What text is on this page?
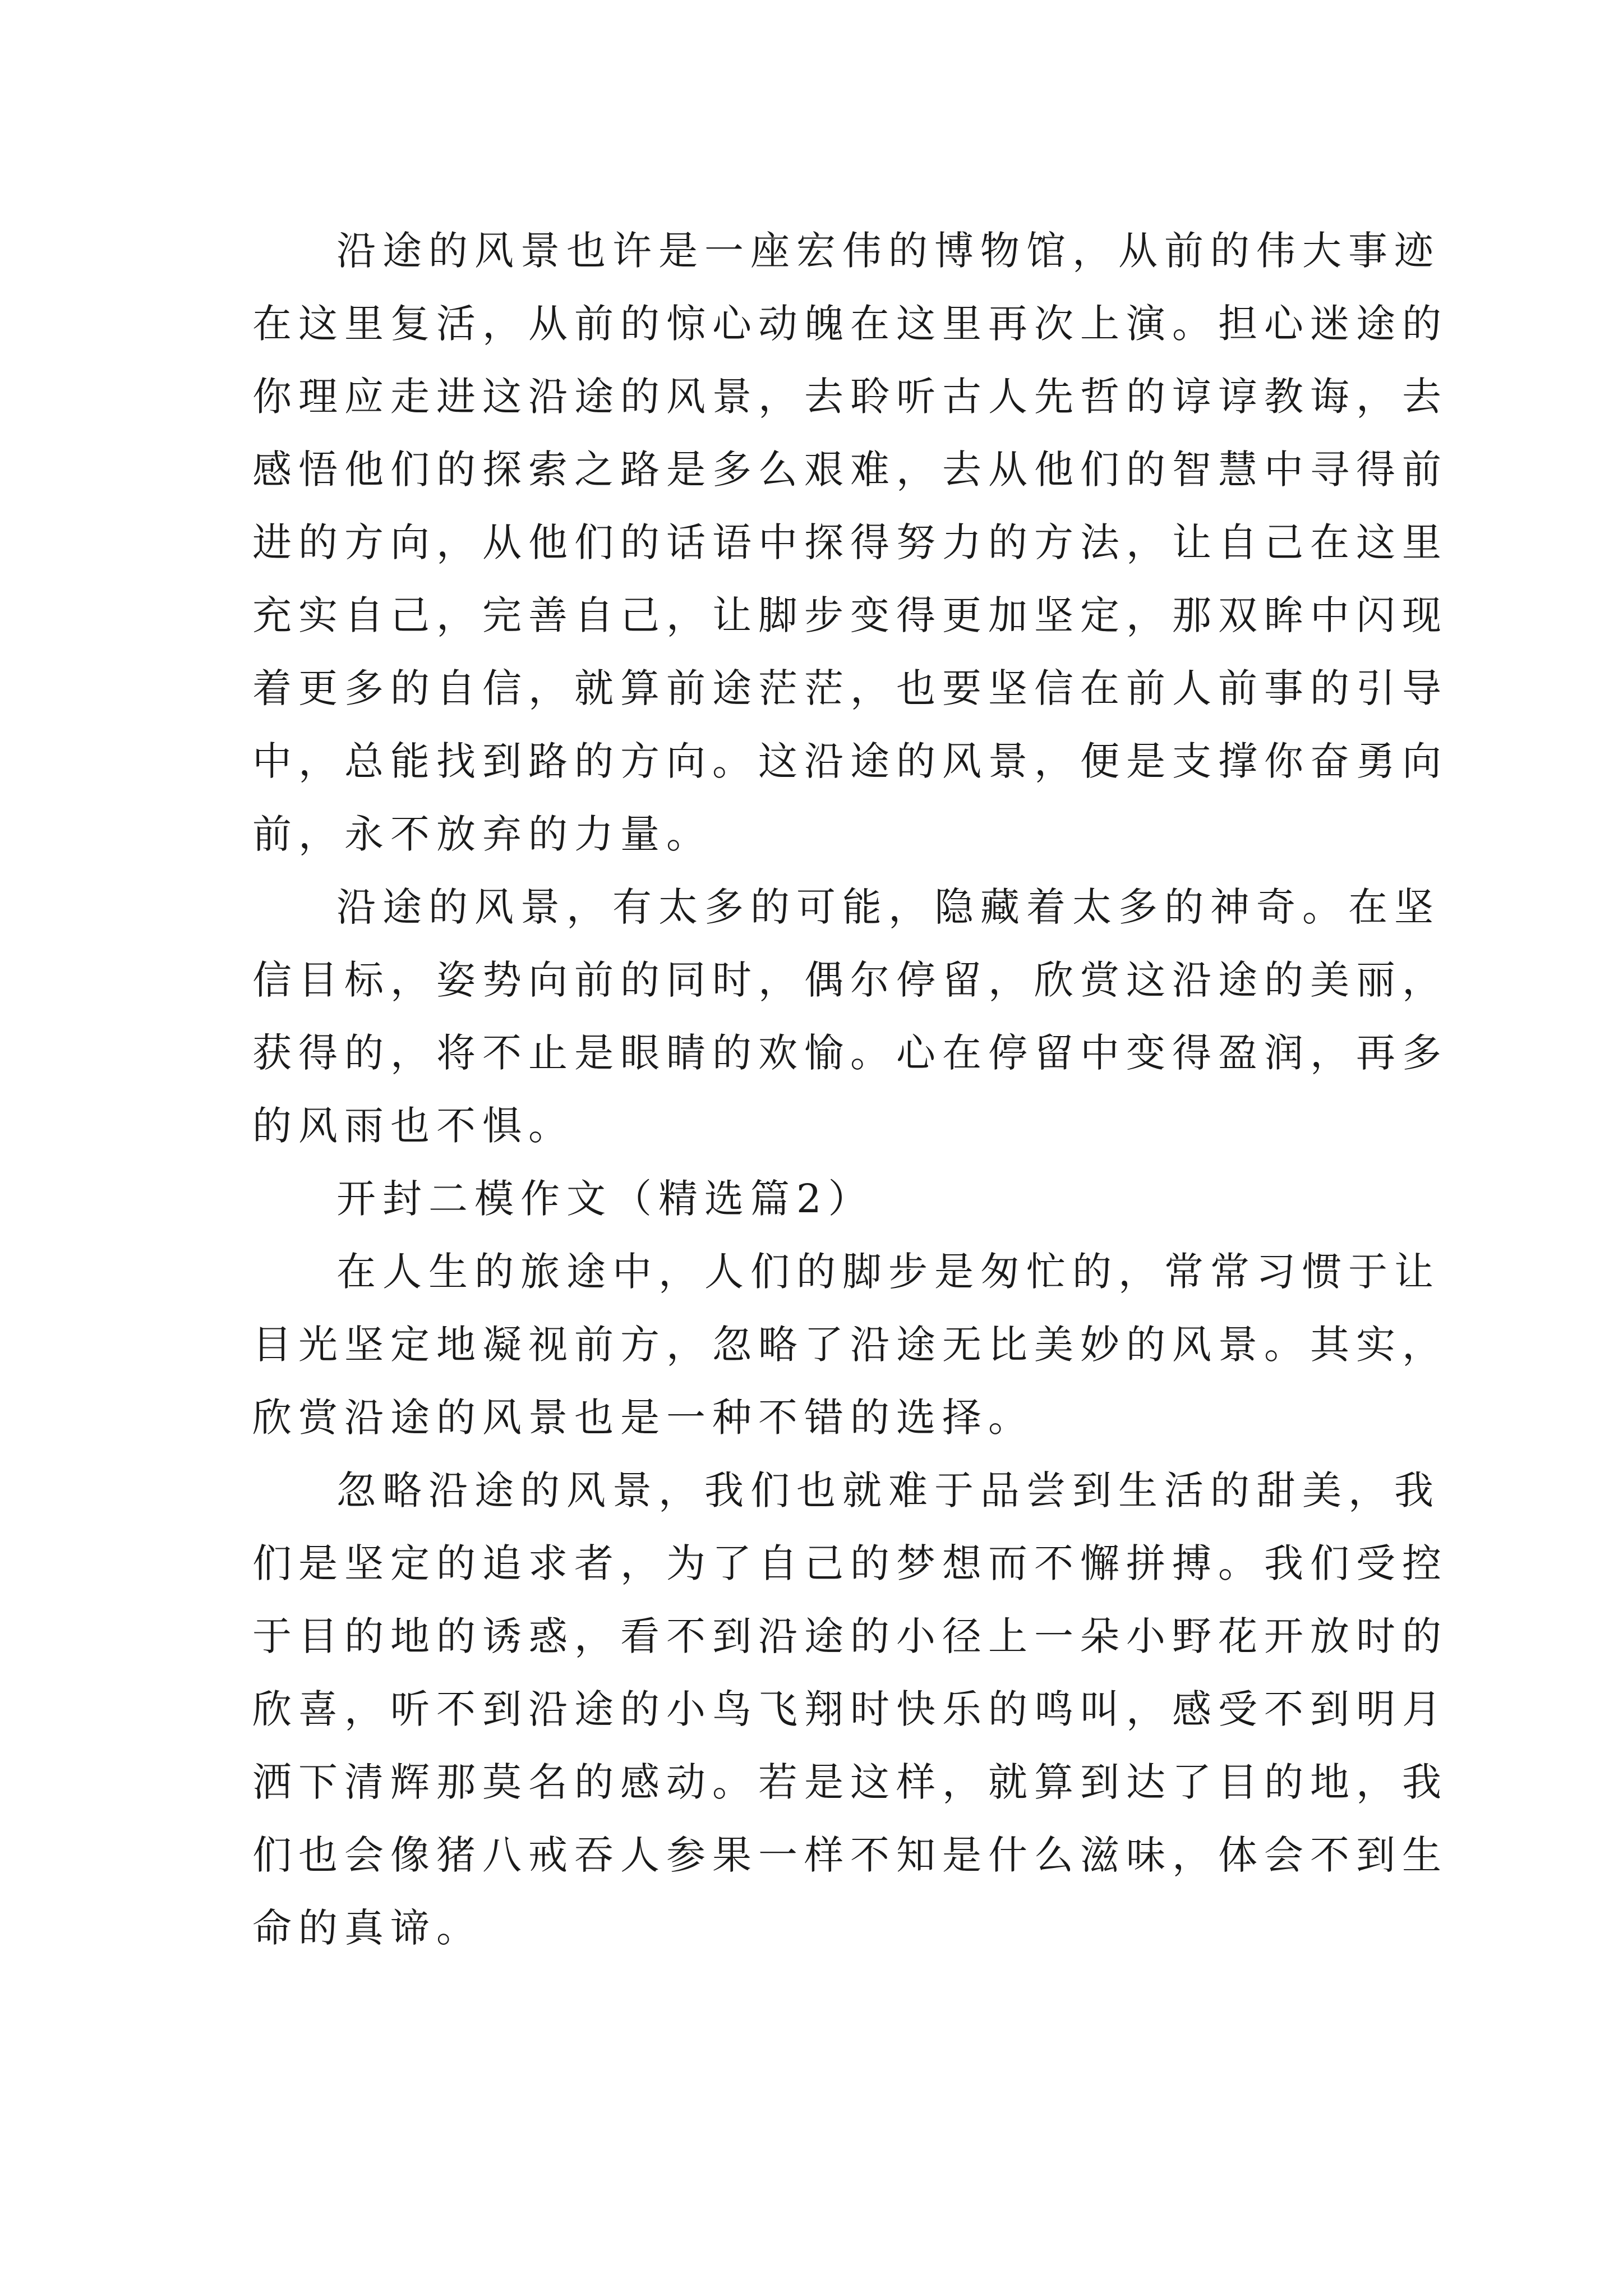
沿途的风景也许是一座宏伟的博物馆，从前的伟大事迹
在这里复活，从前的惊心动魄在这里再次上演。担心迷途的
你理应走进这沿途的风景，去聆听古人先哲的谆谆教诲，去
感悟他们的探索之路是多么艰难，去从他们的智慧中寻得前
进的方向，从他们的话语中探得努力的方法，让自己在这里
充实自己，完善自己，让脚步变得更加坚定，那双眸中闪现
着更多的自信，就算前途茫茫，也要坚信在前人前事的引导
中，总能找到路的方向。这沿途的风景，便是支撑你奋勇向
前，永不放弃的力量。
沿途的风景，有太多的可能，隐藏着太多的神奇。在坚
信目标，姿势向前的同时，偶尔停留，欣赏这沿途的美丽，
获得的，将不止是眼睛的欢愉。心在停留中变得盈润，再多
的风雨也不惧。
开封二模作文（精选篇2）
在人生的旅途中，人们的脚步是匆忙的，常常习惯于让
目光坚定地凝视前方，忽略了沿途无比美妙的风景。其实，
欣赏沿途的风景也是一种不错的选择。
忽略沿途的风景，我们也就难于品尝到生活的甜美，我
们是坚定的追求者，为了自己的梦想而不懈拼搏。我们受控
于目的地的诱惑，看不到沿途的小径上一朵小野花开放时的
欣喜，听不到沿途的小鸟飞翔时快乐的鸣叫，感受不到明月
洒下清辉那莫名的感动。若是这样，就算到达了目的地，我
们也会像猪八戒吞人参果一样不知是什么滋味，体会不到生
命的真谛。
